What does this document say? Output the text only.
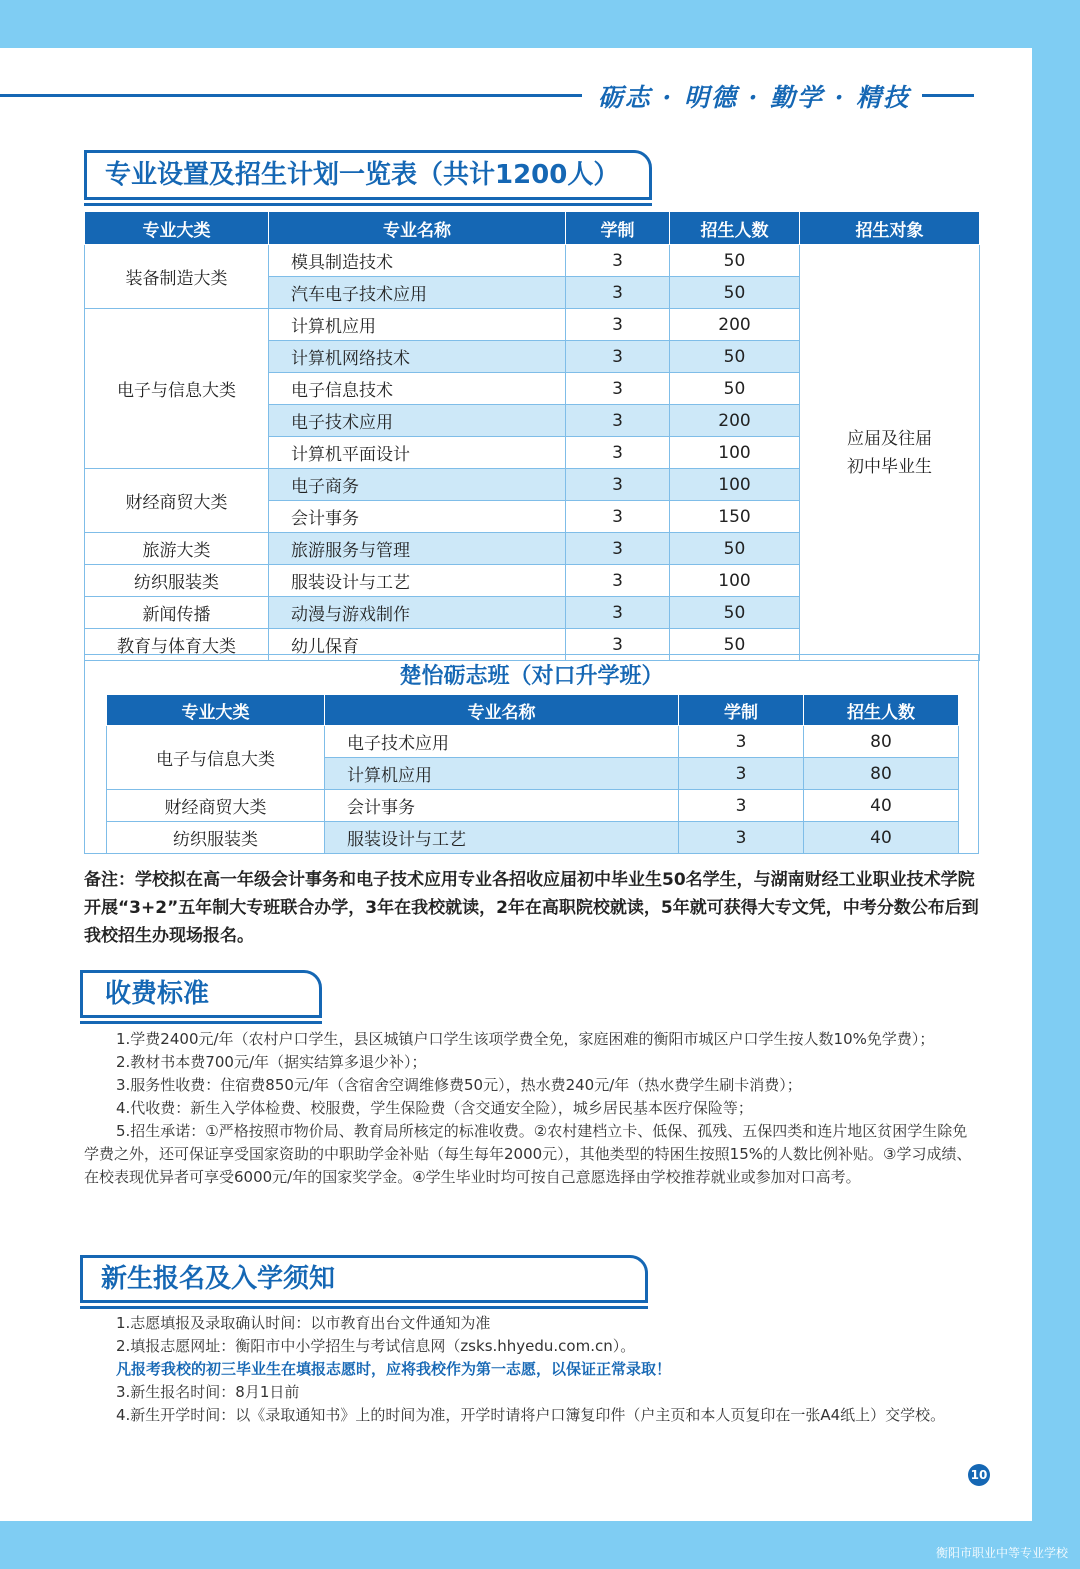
衡阳市职业中等专业学校
砺志 · 明德 · 勤学 · 精技
专业设置及招生计划一览表（共计1200人）
专业大类	专业名称	学制	招生人数	招生对象
装备制造大类	模具制造技术	3	50	应届及往届初中毕业生
	汽车电子技术应用	3	50	
电子与信息大类	计算机应用	3	200	
	计算机网络技术	3	50	
	电子信息技术	3	50	
	电子技术应用	3	200	
	计算机平面设计	3	100	
财经商贸大类	电子商务	3	100	
	会计事务	3	150	
旅游大类	旅游服务与管理	3	50	
纺织服装类	服装设计与工艺	3	100	
新闻传播	动漫与游戏制作	3	50	
教育与体育大类	幼儿保育	3	50	
楚怡砺志班（对口升学班）
专业大类	专业名称	学制	招生人数
电子与信息大类	电子技术应用	3	80
	计算机应用	3	80
财经商贸大类	会计事务	3	40
纺织服装类	服装设计与工艺	3	40
备注：学校拟在高一年级会计事务和电子技术应用专业各招收应届初中毕业生50名学生，与湖南财经工业职业技术学院开展“3+2”五年制大专班联合办学，3年在我校就读，2年在高职院校就读，5年就可获得大专文凭，中考分数公布后到我校招生办现场报名。
收费标准

1.学费2400元/年（农村户口学生，县区城镇户口学生该项学费全免，家庭困难的衡阳市城区户口学生按人数10%免学费）；

2.教材书本费700元/年（据实结算多退少补）；

3.服务性收费：住宿费850元/年（含宿舍空调维修费50元），热水费240元/年（热水费学生刷卡消费）；

4.代收费：新生入学体检费、校服费，学生保险费（含交通安全险），城乡居民基本医疗保险等；

5.招生承诺：①严格按照市物价局、教育局所核定的标准收费。②农村建档立卡、低保、孤残、五保四类和连片地区贫困学生除免学费之外，还可保证享受国家资助的中职助学金补贴（每生每年2000元），其他类型的特困生按照15%的人数比例补贴。③学习成绩、在校表现优异者可享受6000元/年的国家奖学金。④学生毕业时均可按自己意愿选择由学校推荐就业或参加对口高考。

新生报名及入学须知

1.志愿填报及录取确认时间：以市教育出台文件通知为准

2.填报志愿网址：衡阳市中小学招生与考试信息网（zsks.hhyedu.com.cn）。

凡报考我校的初三毕业生在填报志愿时，应将我校作为第一志愿，以保证正常录取！

3.新生报名时间：8月1日前

4.新生开学时间：以《录取通知书》上的时间为准，开学时请将户口簿复印件（户主页和本人页复印在一张A4纸上）交学校。

10
